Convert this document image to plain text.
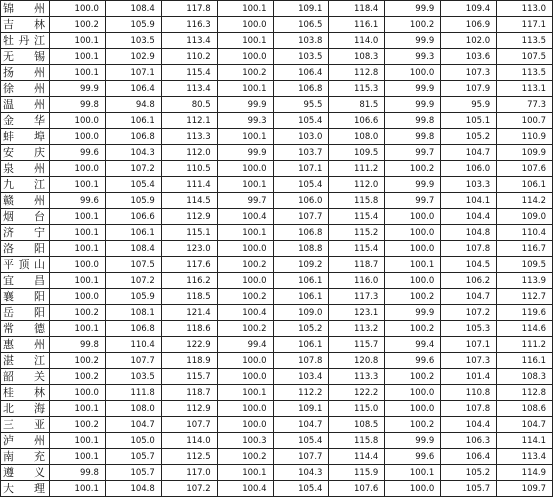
锦州	100.0	108.4	117.8	100.1	109.1	118.4	99.9	109.4	113.0
吉林	100.2	105.9	116.3	100.0	106.5	116.1	100.2	106.9	117.1
牡丹江	100.1	103.5	113.4	100.1	103.8	114.0	99.9	102.0	113.5
无锡	100.1	102.9	110.2	100.0	103.5	108.3	99.3	103.6	107.5
扬州	100.1	107.1	115.4	100.2	106.4	112.8	100.0	107.3	113.5
徐州	99.9	106.4	113.4	100.1	106.8	115.3	99.9	107.9	113.1
温州	99.8	94.8	80.5	99.9	95.5	81.5	99.9	95.9	77.3
金华	100.0	106.1	112.1	99.3	105.4	106.6	99.8	105.1	100.7
蚌埠	100.0	106.8	113.3	100.1	103.0	108.0	99.8	105.2	110.9
安庆	99.6	104.3	112.0	99.9	103.7	109.5	99.7	104.7	109.9
泉州	100.0	107.2	110.5	100.0	107.1	111.2	100.2	106.0	107.6
九江	100.1	105.4	111.4	100.1	105.4	112.0	99.9	103.3	106.1
赣州	99.6	105.9	114.5	99.7	106.0	115.8	99.7	104.1	114.2
烟台	100.1	106.6	112.9	100.4	107.7	115.4	100.0	104.4	109.0
济宁	100.1	106.1	115.1	100.1	106.8	115.2	100.0	104.8	110.4
洛阳	100.1	108.4	123.0	100.0	108.8	115.4	100.0	107.8	116.7
平顶山	100.0	107.5	117.6	100.2	109.2	118.7	100.1	104.5	109.5
宜昌	100.1	107.2	116.2	100.0	106.1	116.0	100.0	106.2	113.9
襄阳	100.0	105.9	118.5	100.2	106.1	117.3	100.2	104.7	112.7
岳阳	100.2	108.1	121.4	100.4	109.0	123.1	99.9	107.2	119.6
常德	100.1	106.8	118.6	100.2	105.2	113.2	100.2	105.3	114.6
惠州	99.8	110.4	122.9	99.4	106.1	115.7	99.4	107.1	111.2
湛江	100.2	107.7	118.9	100.0	107.8	120.8	99.6	107.3	116.1
韶关	100.2	103.5	115.7	100.0	103.4	113.3	100.2	101.4	108.3
桂林	100.0	111.8	118.7	100.1	112.2	122.2	100.0	110.8	112.8
北海	100.1	108.0	112.9	100.0	109.1	115.0	100.0	107.8	108.6
三亚	100.2	104.7	107.7	100.0	104.7	108.5	100.2	104.4	104.7
泸州	100.1	105.0	114.0	100.3	105.4	115.8	99.9	106.3	114.1
南充	100.1	105.7	112.5	100.2	107.7	114.4	99.6	106.4	113.4
遵义	99.8	105.7	117.0	100.1	104.3	115.9	100.1	105.2	114.9
大理	100.1	104.8	107.2	100.4	105.4	107.6	100.0	105.7	109.7
